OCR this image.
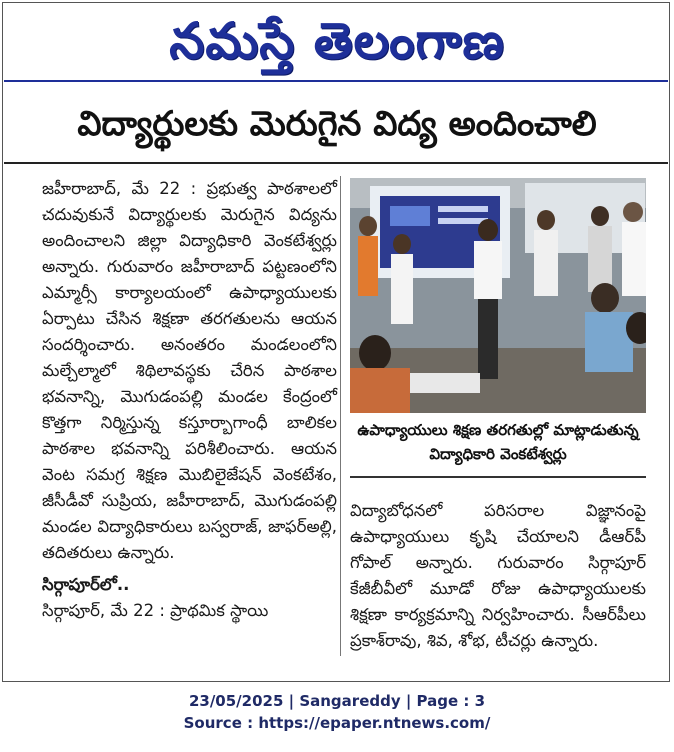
నమస్తే తెలంగాణ
విద్యార్థులకు మెరుగైన విద్య అందించాలి

జహీరాబాద్, మే 22 : ప్రభుత్వ పాఠశాలలో చదువుకునే విద్యార్థులకు మెరుగైన విద్యను అందించాలని జిల్లా విద్యాధికారి వెంకటేశ్వర్లు అన్నారు. గురువారం జహీరాబాద్ పట్టణంలోని ఎమ్మార్సీ కార్యాలయంలో ఉపాధ్యాయులకు ఏర్పాటు చేసిన శిక్షణా తరగతులను ఆయన సందర్శించారు. అనంతరం మండలంలోని మల్చేల్మాలో శిథిలావస్థకు చేరిన పాఠశాల భవనాన్ని, మొగుడంపల్లి మండల కేంద్రంలో కొత్తగా నిర్మిస్తున్న కస్తూర్బాగాంధీ బాలికల పాఠశాల భవనాన్ని పరిశీలించారు. ఆయన వెంట సమగ్ర శిక్షణ మొబిలైజేషన్ వెంకటేశం, జీసీడీవో సుప్రియ, జహీరాబాద్, మొగుడంపల్లి మండల విద్యాధికారులు బస్వరాజ్, జాఫర్అల్లి, తదితరులు ఉన్నారు.

సిర్గాపూర్‌లో..

సిర్గాపూర్, మే 22 : ప్రాథమిక స్థాయి

ఉపాధ్యాయులు శిక్షణ తరగతుల్లో మాట్లాడుతున్న విద్యాధికారి వెంకటేశ్వర్లు

విద్యాబోధనలో పరిసరాల విజ్ఞానంపై ఉపాధ్యాయులు కృషి చేయాలని డీఆర్‌పీ గోపాల్ అన్నారు. గురువారం సిర్గాపూర్ కేజీబీవీలో మూడో రోజు ఉపాధ్యాయులకు శిక్షణా కార్యక్రమాన్ని నిర్వహించారు. సీఆర్‌పీలు ప్రకాశ్‌రావు, శివ, శోభ, టీచర్లు ఉన్నారు.

23/05/2025 | Sangareddy | Page : 3
Source : https://epaper.ntnews.com/
